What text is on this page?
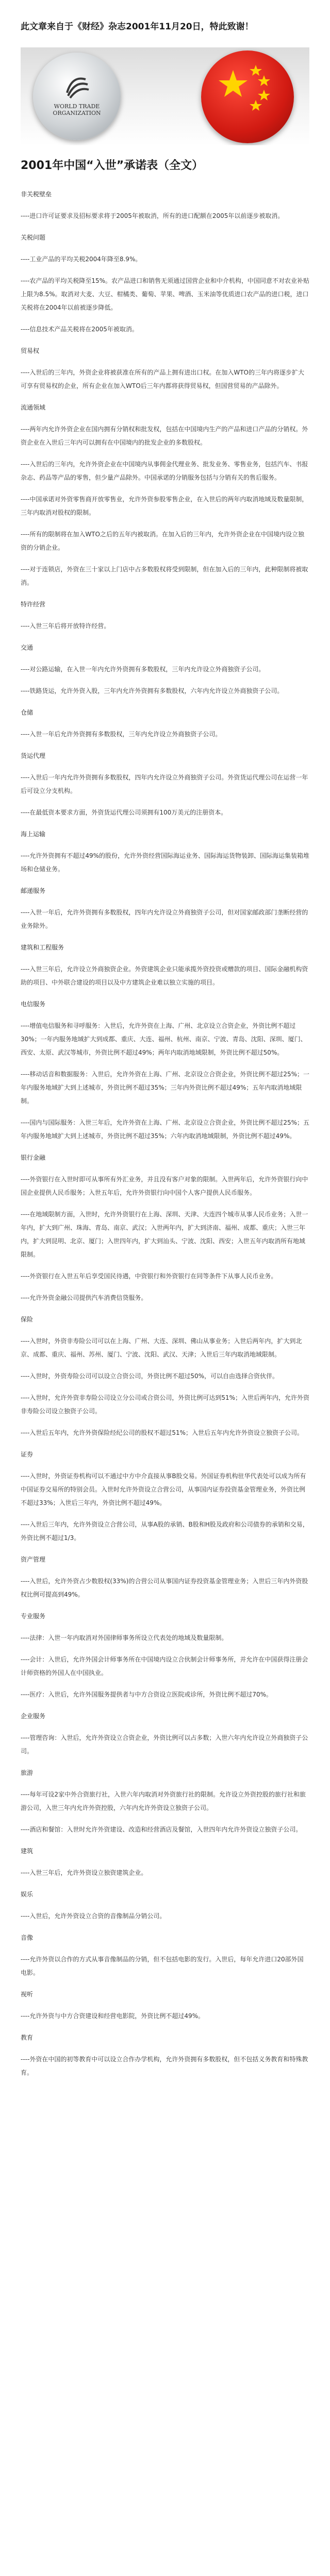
此文章来自于《财经》杂志2001年11月20日，特此致谢！
WORLD TRADE
ORGANIZATION
2001年中国“入世”承诺表（全文）

非关税壁垒

----进口许可证要求及招标要求将于2005年被取消，所有的进口配额在2005年以前逐步被取消。

关税问题

----工业产品的平均关税2004年降至8.9%。

----农产品的平均关税降至15%。农产品进口和销售无须通过国营企业和中介机构，中国同意不对农业补贴上限为8.5%。取消对大麦、大豆、柑橘类、葡萄、苹果、啤酒、玉米油等优质进口农产品的进口税，进口关税将在2004年以前被逐步降低。

----信息技术产品关税将在2005年被取消。

贸易权

----入世后的三年内，外资企业将被获准在所有的产品上拥有进出口权。在加入WTO的三年内将逐步扩大可享有贸易权的企业，所有企业在加入WTO后三年内都将获得贸易权，但国营贸易的产品除外。

流通领域

----两年内允许外资企业在国内拥有分销权和批发权，包括在中国境内生产的产品和进口产品的分销权。外资企业在入世后三年内可以拥有在中国境内的批发企业的多数股权。

----入世后的三年内，允许外资企业在中国境内从事佣金代理业务、批发业务、零售业务，包括汽车、书报杂志、药品等产品的零售，但少量产品除外。中国承诺的分销服务包括与分销有关的售后服务。

----中国承诺对外资零售商开放零售业，允许外资参股零售企业，在入世后的两年内取消地域及数量限制，三年内取消对股权的限制。

----所有的限制将在加入WTO之后的五年内被取消。在加入后的三年内，允许外资企业在中国境内设立独资的分销企业。

----对于连锁店，外资在三十家以上门店中占多数股权将受到限制，但在加入后的三年内，此种限制将被取消。

特许经营

----入世三年后将开放特许经营。

交通

----对公路运输，在入世一年内允许外资拥有多数股权，三年内允许设立外商独资子公司。

----铁路货运，允许外资入股，三年内允许外资拥有多数股权，六年内允许设立外商独资子公司。

仓储

----入世一年后允许外资拥有多数股权，三年内允许设立外商独资子公司。

货运代理

----入世后一年内允许外资拥有多数股权，四年内允许设立外商独资子公司。外资货运代理公司在运营一年后可设立分支机构。

----在最低资本要求方面，外资货运代理公司须拥有100万美元的注册资本。

海上运输

----允许外资拥有不超过49%的股份，允许外资经营国际海运业务、国际海运货物装卸、国际海运集装箱堆场和仓储业务。

邮递服务

----入世一年后，允许外资拥有多数股权，四年内允许设立外商独资子公司，但对国家邮政部门垄断经营的业务除外。

建筑和工程服务

----入世三年后，允许设立外商独资企业。外资建筑企业只能承揽外资投资或赠款的项目、国际金融机构资助的项目、中外联合建设的项目以及中方建筑企业难以独立实施的项目。

电信服务

----增值电信服务和寻呼服务：入世后，允许外资在上海、广州、北京设立合资企业，外资比例不超过30%；一年内服务地域扩大到成都、重庆、大连、福州、杭州、南京、宁波、青岛、沈阳、深圳、厦门、西安、太原、武汉等城市，外资比例不超过49%；两年内取消地域限制，外资比例不超过50%。

----移动话音和数据服务：入世后，允许外资在上海、广州、北京设立合资企业，外资比例不超过25%；一年内服务地域扩大到上述城市，外资比例不超过35%；三年内外资比例不超过49%；五年内取消地域限制。

----国内与国际服务：入世三年后，允许外资在上海、广州、北京设立合资企业，外资比例不超过25%；五年内服务地域扩大到上述城市，外资比例不超过35%；六年内取消地域限制，外资比例不超过49%。

银行金融

----外资银行在入世时即可从事所有外汇业务，并且没有客户对象的限制。入世两年后，允许外资银行向中国企业提供人民币服务；入世五年后，允许外资银行向中国个人客户提供人民币服务。

----在地域限制方面，入世时，允许外资银行在上海、深圳、天津、大连四个城市从事人民币业务；入世一年内，扩大到广州、珠海、青岛、南京、武汉；入世两年内，扩大到济南、福州、成都、重庆；入世三年内，扩大到昆明、北京、厦门；入世四年内，扩大到汕头、宁波、沈阳、西安；入世五年内取消所有地域限制。

----外资银行在入世五年后享受国民待遇，中资银行和外资银行在同等条件下从事人民币业务。

----允许外资金融公司提供汽车消费信贷服务。

保险

----入世时，外资非寿险公司可以在上海、广州、大连、深圳、佛山从事业务；入世后两年内，扩大到北京、成都、重庆、福州、苏州、厦门、宁波、沈阳、武汉、天津；入世后三年内取消地域限制。

----入世时，外资寿险公司可以设立合资公司，外资比例不超过50%，可以自由选择合资伙伴。

----入世时，允许外资非寿险公司设立分公司或合资公司，外资比例可达到51%；入世后两年内，允许外资非寿险公司设立独资子公司。

----入世后五年内，允许外资保险经纪公司的股权不超过51%；入世后五年内允许外资设立独资子公司。

证券

----入世时，外资证券机构可以不通过中方中介直接从事B股交易。外国证券机构驻华代表处可以成为所有中国证券交易所的特别会员。入世时允许外资设立合营公司，从事国内证券投资基金管理业务，外资比例不超过33%；入世后三年内，外资比例不超过49%。

----入世后三年内，允许外资设立合营公司，从事A股的承销、B股和H股及政府和公司债券的承销和交易，外资比例不超过1/3。

资产管理

----入世后，允许外资占少数股权(33%)的合营公司从事国内证券投资基金管理业务；入世后三年内外资股权比例可提高到49%。

专业服务

----法律：入世一年内取消对外国律师事务所设立代表处的地域及数量限制。

----会计：入世后，允许外国会计师事务所在中国境内设立合伙制会计师事务所，并允许在中国获得注册会计师资格的外国人在中国执业。

----医疗：入世后，允许外国服务提供者与中方合资设立医院或诊所，外资比例不超过70%。

企业服务

----管理咨询：入世后，允许外资设立合资企业，外资比例可以占多数；入世六年内允许设立外商独资子公司。

旅游

----每年可设2家中外合资旅行社，入世六年内取消对外资旅行社的限制。允许设立外资控股的旅行社和旅游公司，入世三年内允许外资控股，六年内允许外资设立独资子公司。

----酒店和餐馆：入世时允许外资建设、改造和经营酒店及餐馆，入世四年内允许外资设立独资子公司。

建筑

----入世三年后，允许外资设立独资建筑企业。

娱乐

----入世后，允许外资设立合资的音像制品分销公司。

音像

----允许外资以合作的方式从事音像制品的分销，但不包括电影的发行。入世后，每年允许进口20部外国电影。

视听

----允许外资与中方合资建设和经营电影院，外资比例不超过49%。

教育

----外资在中国的初等教育中可以设立合作办学机构，允许外资拥有多数股权，但不包括义务教育和特殊教育。
